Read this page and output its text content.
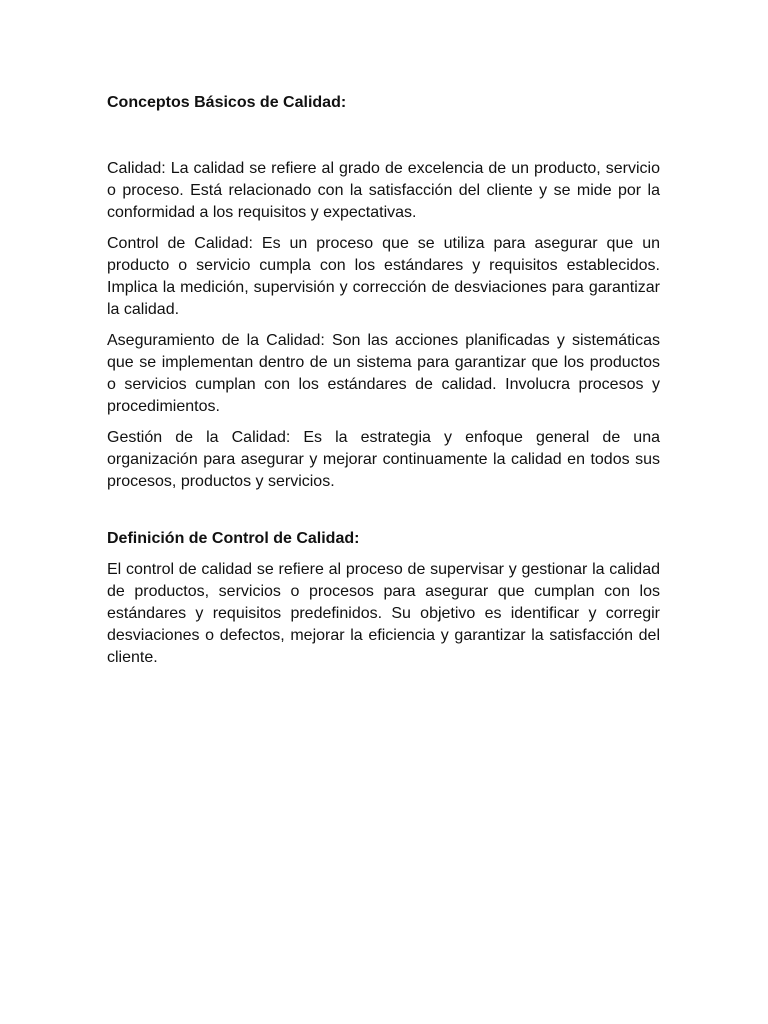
Conceptos Básicos de Calidad:

Calidad: La calidad se refiere al grado de excelencia de un producto, servicio o proceso. Está relacionado con la satisfacción del cliente y se mide por la conformidad a los requisitos y expectativas.

Control de Calidad: Es un proceso que se utiliza para asegurar que un producto o servicio cumpla con los estándares y requisitos establecidos. Implica la medición, supervisión y corrección de desviaciones para garantizar la calidad.

Aseguramiento de la Calidad: Son las acciones planificadas y sistemáticas que se implementan dentro de un sistema para garantizar que los productos o servicios cumplan con los estándares de calidad. Involucra procesos y procedimientos.

Gestión de la Calidad: Es la estrategia y enfoque general de una organización para asegurar y mejorar continuamente la calidad en todos sus procesos, productos y servicios.

Definición de Control de Calidad:

El control de calidad se refiere al proceso de supervisar y gestionar la calidad de productos, servicios o procesos para asegurar que cumplan con los estándares y requisitos predefinidos. Su objetivo es identificar y corregir desviaciones o defectos, mejorar la eficiencia y garantizar la satisfacción del cliente.
